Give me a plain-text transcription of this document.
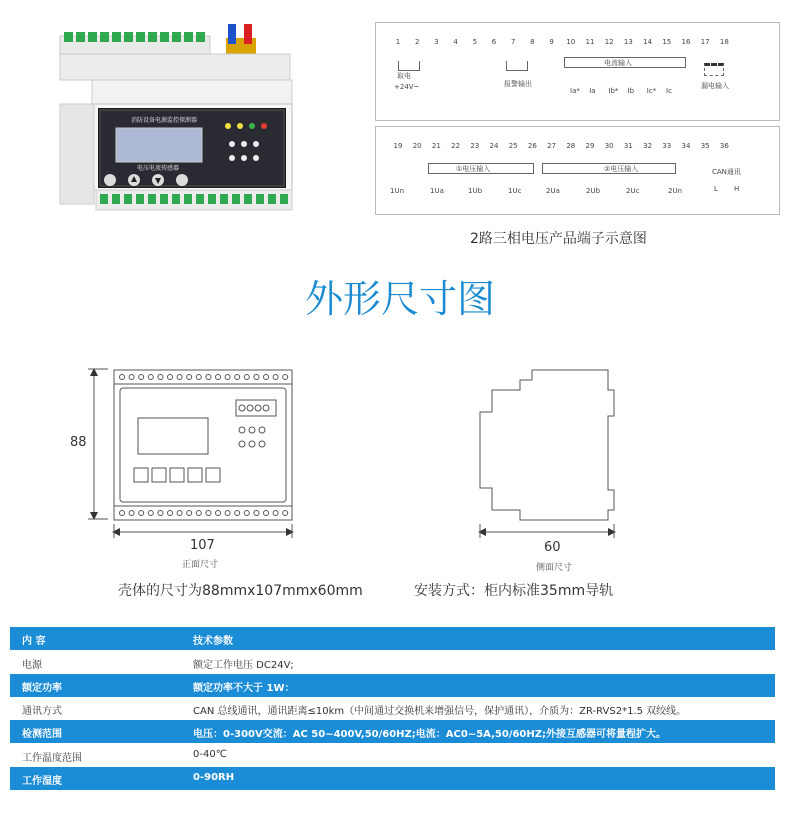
消防设备电源监控探测器
电压电流传感器
1 2 3 4 5 6 7 8 9 10 11 12 13 14 15 16 17 18
取电
+24V~	报警输出
电流输入
Ia* Ia Ib* Ib Ic* Ic
漏电输入
19 20 21 22 23 24 25 26 27 28 29 30 31 32 33 34 35 36
①电压输入	②电压输入	CAN通讯
L H
1Un	1Ua	1Ub	1Uc	2Ua	2Ub	2Uc	2Un
2路三相电压产品端子示意图
外形尺寸图
88
107
正面尺寸
60
侧面尺寸
壳体的尺寸为88mmx107mmx60mm	安装方式：柜内标准35mm导轨
内 容	技术参数
电源	额定工作电压 DC24V;
额定功率	额定功率不大于 1W：
通讯方式	CAN 总线通讯，通讯距离≤10km（中间通过交换机来增强信号，保护通讯），介质为：ZR-RVS2*1.5 双绞线。
检测范围	电压：0-300V交流：AC 50~400V,50/60HZ;电流：AC0~5A,50/60HZ;外接互感器可将量程扩大。
工作温度范围	0-40℃
工作湿度	0-90RH
